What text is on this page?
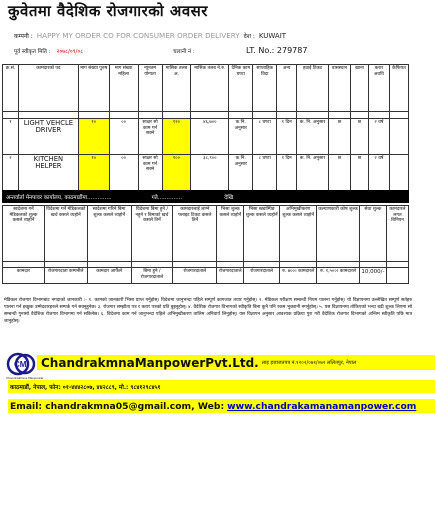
कुवेतमा वैदेशिक रोजगारको अवसर
कम्पनी : HAPPY MY ORDER CO FOR CONSUMER ORDER DELIVERY देश : KUWAIT
पूर्व स्वीकृत मिति : २०७८/०९/०८	चलानी नं :	LT. No.: 279787
क्र.सं.	कामदारको पद	माग संख्या पुरुष	माग संख्या महिला	न्यूनतम योग्यता	मासिक तलब अ.	मासिक तलब ने.रु.	दैनिक काम घण्टा	साप्ताहिक विदा	अन्य	हवाई टिकट	वासस्थान	खाना	करार अवधि	कैफियत

१	LIGHT VEHCLE DRIVER	१०	००	साक्षर सो काम गर्न सक्ने	१२०	४६,७००	क.नि. अनुसार	८ घण्टा	१ दिन	क. नि. अनुसार	छ	छ	२ वर्ष	
२	KITCHEN HELPER	१०	००	साक्षर सो काम गर्न सक्ने	१००	३८,९००	क.नि. अनुसार	८ घण्टा	१ दिन	क. नि. अनुसार	छ	छ	२ वर्ष	
अन्तर्वार्ता मेनपावर कार्यालय, काठमाडौंमा..............	गते..............	देखि
स्वदेशमा गर्ने मेडिकलको शुल्क कसले व्यहोर्ने	विदेशमा गर्ने मेडिकलको खर्च कसले व्यहोर्ने	स्वदेशमा गरिने बिमा शुल्क कसले व्यहोर्ने	विदेशमा बिमा हुने / नहुने र बिमाको खर्च कसले तिर्ने	कामदारलाई लाग्ने फ्लाइट टिकट कसले तिर्ने	भिसा शुल्क कसले व्यहोर्ने	भिसा स्ट्याम्पिङ शुल्क कसले व्यहोर्ने	अभिमुखीकरण शुल्क कसले व्यहोर्ने	कल्याणकारी कोष शुल्क	सेवा शुल्क	कामदारले लगत बिनियन

कामदार	रोजगारदाता कम्पनीले	कामदार आफैंले	बिमा हुने / रोजगारदाताले	रोजगारदाताले	रोजगारदाताले	रोजगारदाताले	रु. ७००। कामदारले	रु. १,५००। कामदारले	10,000/-	
मेडिकल रोजगार विभागबाट नगदाको जानकारी :- १. कामको जानकारी भिसा प्राप्त गर्नुहोस्। विदेशमा जानुभन्दा पहिले सम्पूर्ण कागजात तयार गर्नुहोस्। २. मेडिकल परीक्षण सम्बन्धी नियम पालना गर्नुहोस्। यो विज्ञापनमा उल्लेखित सम्पूर्ण सर्तहरु पालना गर्न इच्छुक उम्मेदवारहरुले सम्पर्क गर्न सक्नुहुनेछ। ३. रोजगार सम्झौता पत्र र करार पत्रको प्रति बुझ्नुहोस्। ४. वैदेशिक रोजगार विभागको स्वीकृति बिना कुनै पनि रकम भुक्तानी नगर्नुहोस्। ५. यस विज्ञापनमा तोकिएको भन्दा बढी शुल्क लिएमा सो सम्बन्धी गुनासो वैदेशिक रोजगार विभागमा गर्न सकिनेछ। ६. विदेशमा काम गर्न जानुभन्दा पहिले अभिमुखीकरण तालिम अनिवार्य लिनुहोस्। यस विज्ञापन अनुसार आवश्यक प्रक्रिया पुरा गरी वैदेशिक रोजगार विभागको अन्तिम स्वीकृति पछि मात्र जानुहोस्।
CM
Chandrakmna Manpower
ChandrakmnaManpowerPvt.Ltd. लाइ इजाजतपत्र नं.१२०२/०७१/०७२ ललितपुर, नेपाल
काठमाडौं, नेपाल, फोन: ०१-४४४२८०७, ४४२८८९, मो.: ९८४१२९८४५१
Email:
chandrakmna05@gmail.com,
Web: www.chandrakamanamanpower.com
